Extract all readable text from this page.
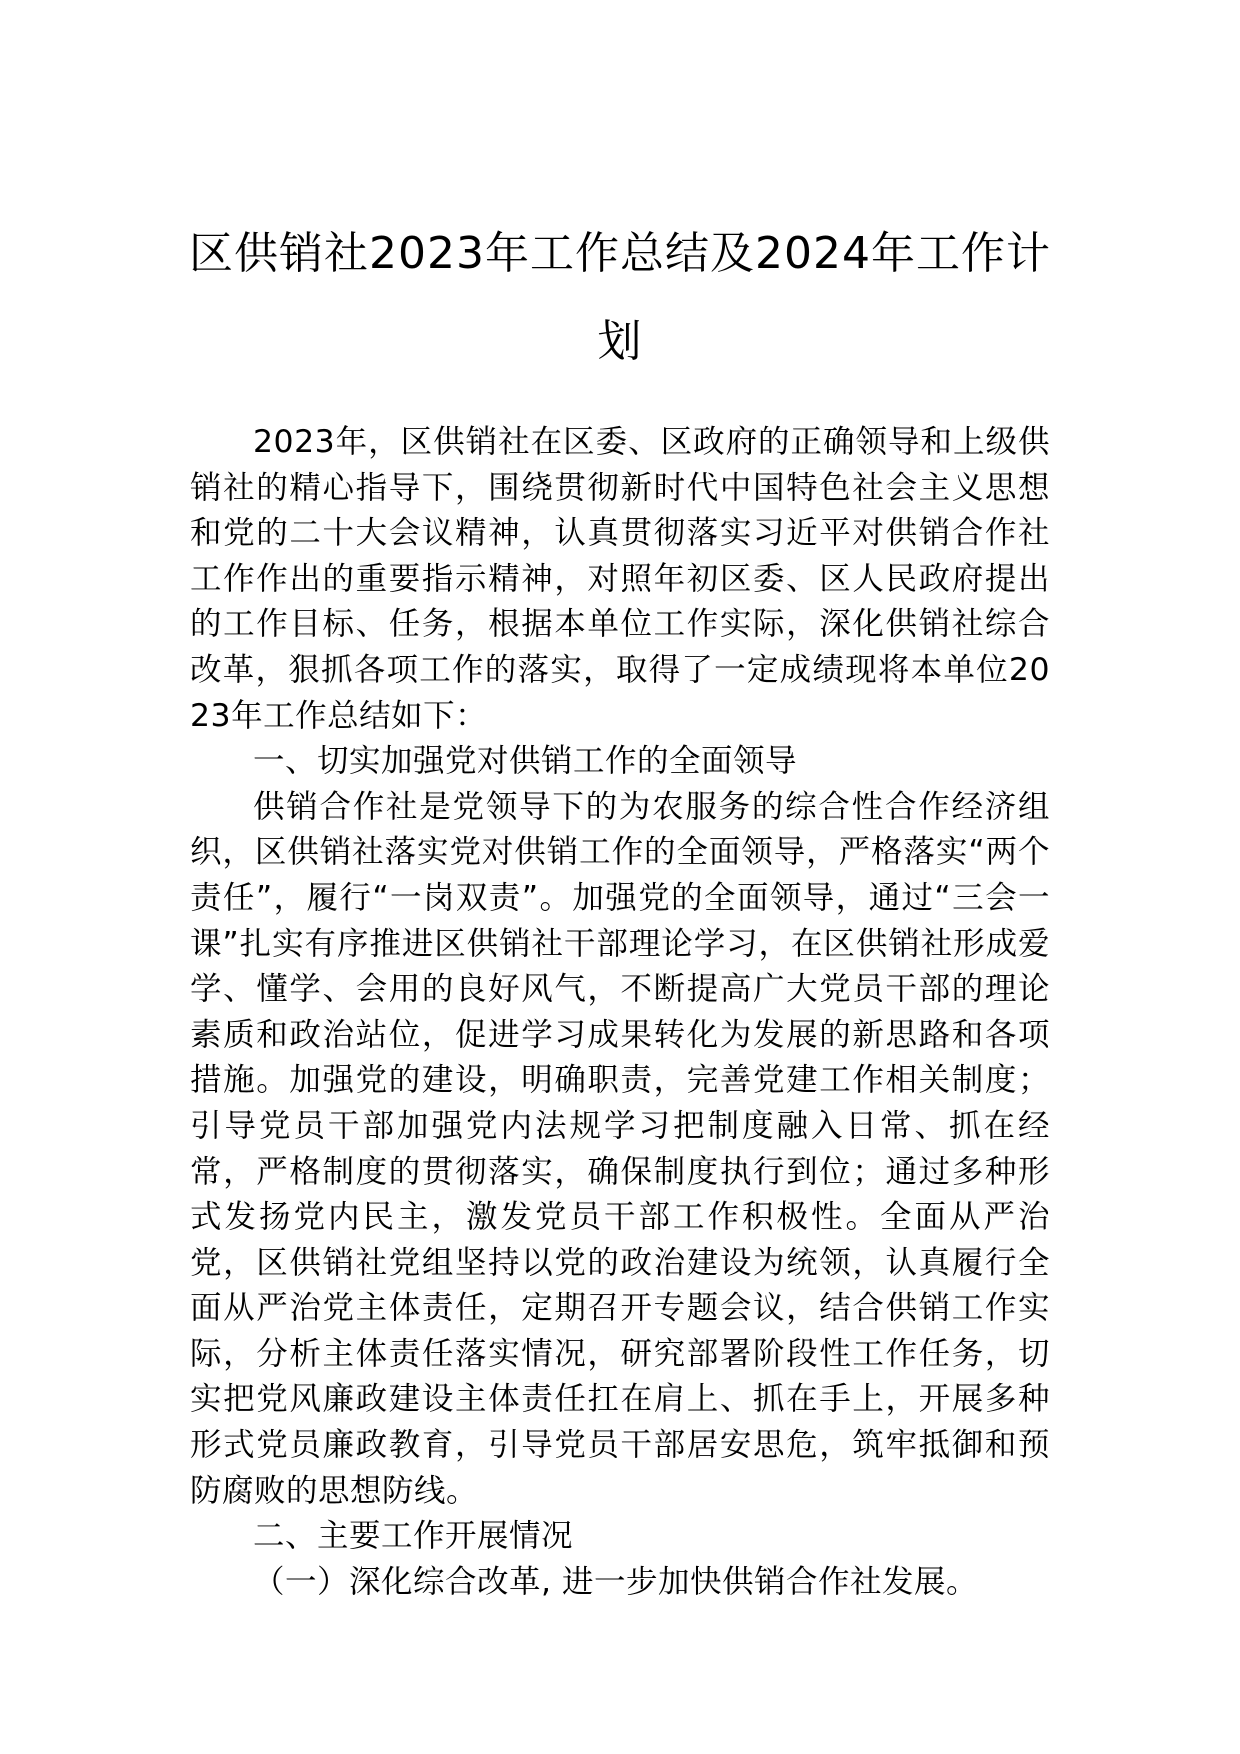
区供销社2023年工作总结及2024年工作计划

2023年，区供销社在区委、区政府的正确领导和上级供销社的精心指导下，围绕贯彻新时代中国特色社会主义思想和党的二十大会议精神，认真贯彻落实习近平对供销合作社工作作出的重要指示精神，对照年初区委、区人民政府提出的工作目标、任务，根据本单位工作实际，深化供销社综合改革，狠抓各项工作的落实，取得了一定成绩现将本单位2023年工作总结如下：

一、切实加强党对供销工作的全面领导

供销合作社是党领导下的为农服务的综合性合作经济组织，区供销社落实党对供销工作的全面领导，严格落实“两个责任”，履行“一岗双责”。加强党的全面领导，通过“三会一课”扎实有序推进区供销社干部理论学习，在区供销社形成爱学、懂学、会用的良好风气，不断提高广大党员干部的理论素质和政治站位，促进学习成果转化为发展的新思路和各项措施。加强党的建设，明确职责，完善党建工作相关制度；引导党员干部加强党内法规学习把制度融入日常、抓在经常，严格制度的贯彻落实，确保制度执行到位；通过多种形式发扬党内民主，激发党员干部工作积极性。全面从严治党，区供销社党组坚持以党的政治建设为统领，认真履行全面从严治党主体责任，定期召开专题会议，结合供销工作实际，分析主体责任落实情况，研究部署阶段性工作任务，切实把党风廉政建设主体责任扛在肩上、抓在手上，开展多种形式党员廉政教育，引导党员干部居安思危，筑牢抵御和预防腐败的思想防线。

二、主要工作开展情况

（一）深化综合改革, 进一步加快供销合作社发展。
